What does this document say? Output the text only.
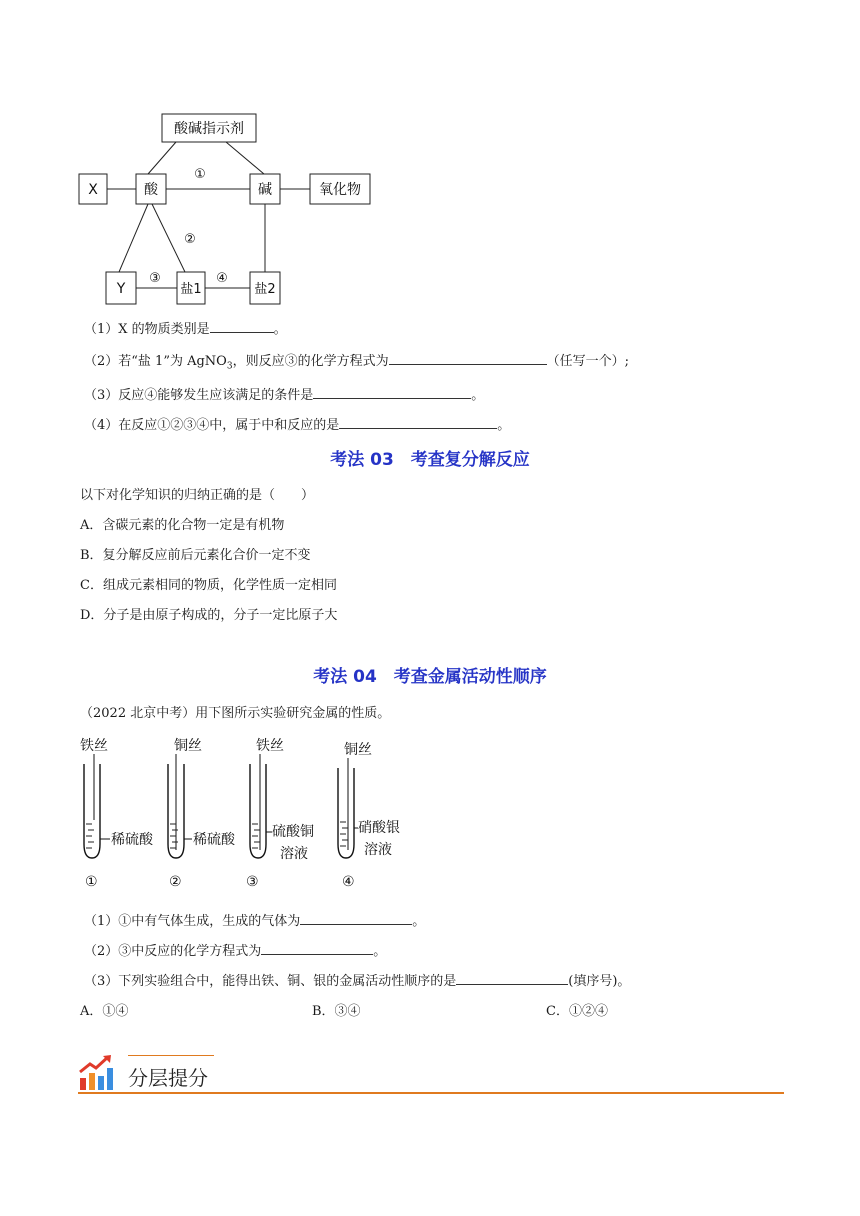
酸碱指示剂
X	酸	碱	氧化物
Y	盐1	盐2
①
②
③	④
（1）X 的物质类别是	。
（2）若“盐 1”为 AgNO$_3$，则反应③的化学方程式为	（任写一个）;
（3）反应④能够发生应该满足的条件是	。
（4）在反应①②③④中，属于中和反应的是	。
考法 03　考查复分解反应
以下对化学知识的归纳正确的是（　　）
A．含碳元素的化合物一定是有机物
B．复分解反应前后元素化合价一定不变
C．组成元素相同的物质，化学性质一定相同
D．分子是由原子构成的，分子一定比原子大
考法 04　考查金属活动性顺序
（2022 北京中考）用下图所示实验研究金属的性质。
铁丝
稀硫酸
①
铜丝
稀硫酸
②
铁丝
硫酸铜
溶液
③
铜丝
硝酸银
溶液
④
（1）①中有气体生成，生成的气体为	。
（2）③中反应的化学方程式为	。
（3）下列实验组合中，能得出铁、铜、银的金属活动性顺序的是	(填序号)。
A．①④	B．③④	C．①②④
分层提分
